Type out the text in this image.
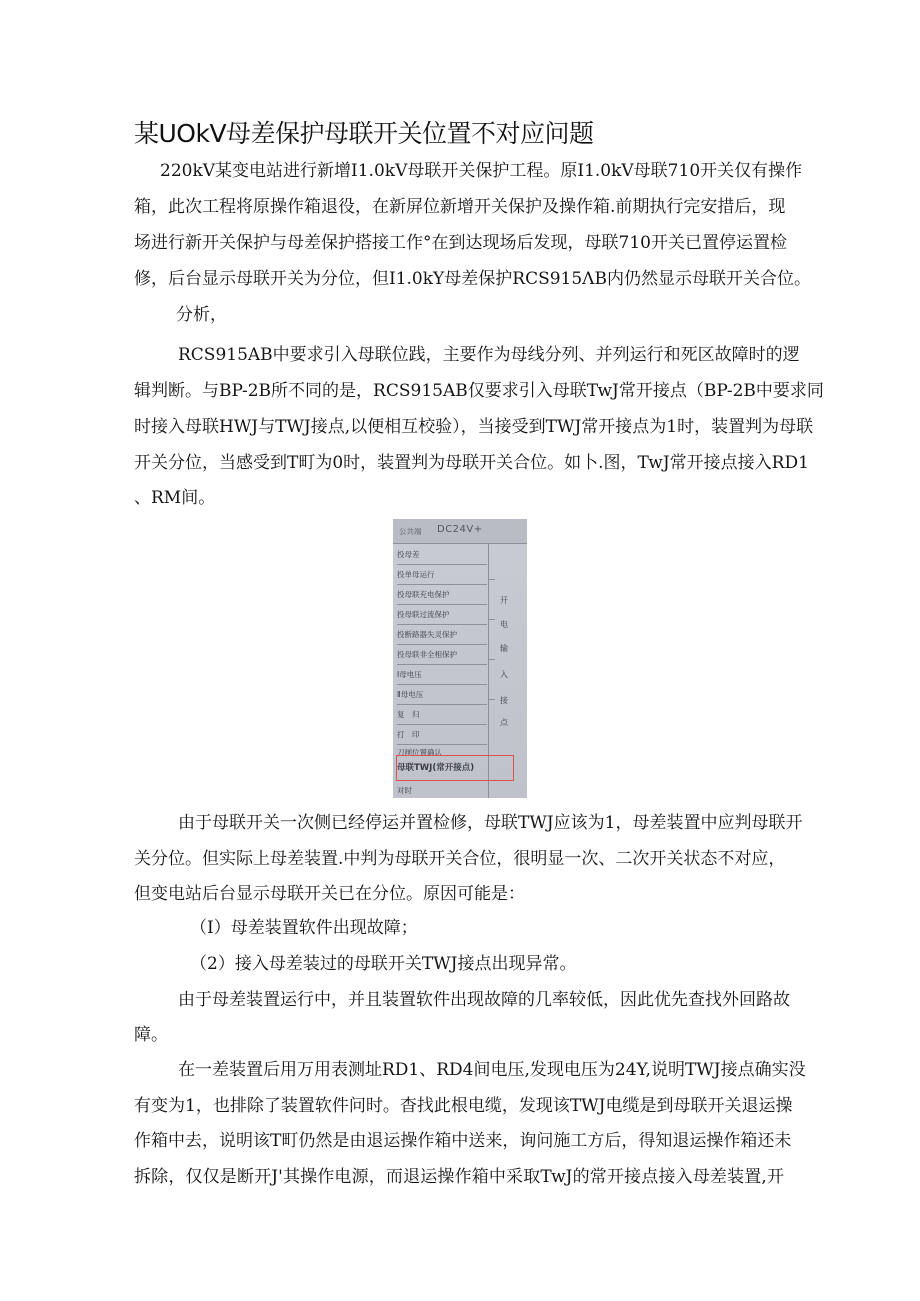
某UOkV母差保护母联开关位置不对应问题
220kV某变电站进行新增I1.0kV母联开关保护工程。原I1.0kV母联710开关仅有操作
箱，此次工程将原操作箱退役，在新屏位新增开关保护及操作箱.前期执行完安措后，现
场进行新开关保护与母差保护搭接工作°在到达现场后发现，母联710开关已置停运置检
修，后台显示母联开关为分位，但I1.0kY母差保护RCS915ΛB内仍然显示母联开关合位。
分析，
RCS915AB中要求引入母联位践，主要作为母线分列、并列运行和死区故障时的逻
辑判断。与BP-2B所不同的是，RCS915AB仅要求引入母联TwJ常开接点（BP-2B中要求同
时接入母联HWJ与TWJ接点,以便相互校验），当接受到TWJ常开接点为1时，装置判为母联
开关分位，当感受到T町为0时，装置判为母联开关合位。如卜.图，TwJ常开接点接入RD1
、RM间。
公共端 DC24V+
投母差
投单母运行
投母联充电保护
投母联过流保护
投断路器失灵保护
投母联非全相保护
Ⅰ母电压
Ⅱ母电压
复　归
打　印
刀闸位置确认
母联TWJ(常开接点)
对时
开
电
输
入
接
点
由于母联开关一次侧已经停运并置检修，母联TWJ应该为1，母差装置中应判母联开
关分位。但实际上母差装置.中判为母联开关合位，很明显一次、二次开关状态不对应，
但变电站后台显示母联开关已在分位。原因可能是：
（I）母差装置软件出现故障；
（2）接入母差装过的母联开关TWJ接点出现异常。
由于母差装置运行中，并且装置软件出现故障的几率较低，因此优先查找外回路故
障。
在一差装置后用万用表测址RD1、RD4间电压,发现电压为24Y,说明TWJ接点确实没
有变为1，也排除了装置软件问时。杳找此根电缆，发现该TWJ电缆是到母联开关退运操
作箱中去，说明该T町仍然是由退运操作箱中送来，询问施工方后，得知退运操作箱还未
拆除，仅仅是断开J'其操作电源，而退运操作箱中采取TwJ的常开接点接入母差装置,开
